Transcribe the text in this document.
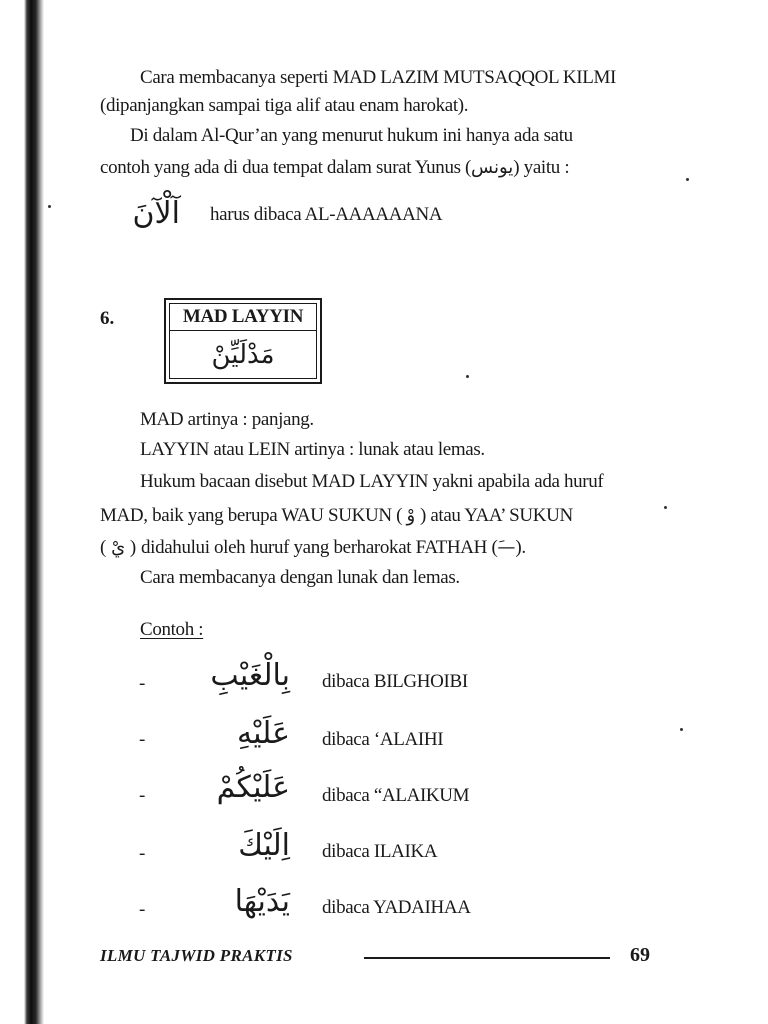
Cara membacanya seperti MAD LAZIM MUTSAQQOL KILMI
(dipanjangkan sampai tiga alif atau enam harokat).
Di dalam Al-Qur’an yang menurut hukum ini hanya ada satu
contoh yang ada di dua tempat dalam surat Yunus (يونس) yaitu :
آلْآنَ harus dibaca AL-AAAAAANA
6.	MAD LAYYIN
مَدْلَيِّنْ
MAD artinya : panjang.
LAYYIN atau LEIN artinya : lunak atau lemas.
Hukum bacaan disebut MAD LAYYIN yakni apabila ada huruf
MAD, baik yang berupa WAU SUKUN ( وْ ) atau YAA’ SUKUN
( يْ ) didahului oleh huruf yang berharokat FATHAH (—َ).
Cara membacanya dengan lunak dan lemas.
Contoh :
- بِالْغَيْبِ dibaca BILGHOIBI
-	عَلَيْهِ dibaca ‘ALAIHI
- عَلَيْكُمْ dibaca “ALAIKUM
-	اِلَيْكَ dibaca ILAIKA
-	يَدَيْهَا dibaca YADAIHAA
ILMU TAJWID PRAKTIS	69
